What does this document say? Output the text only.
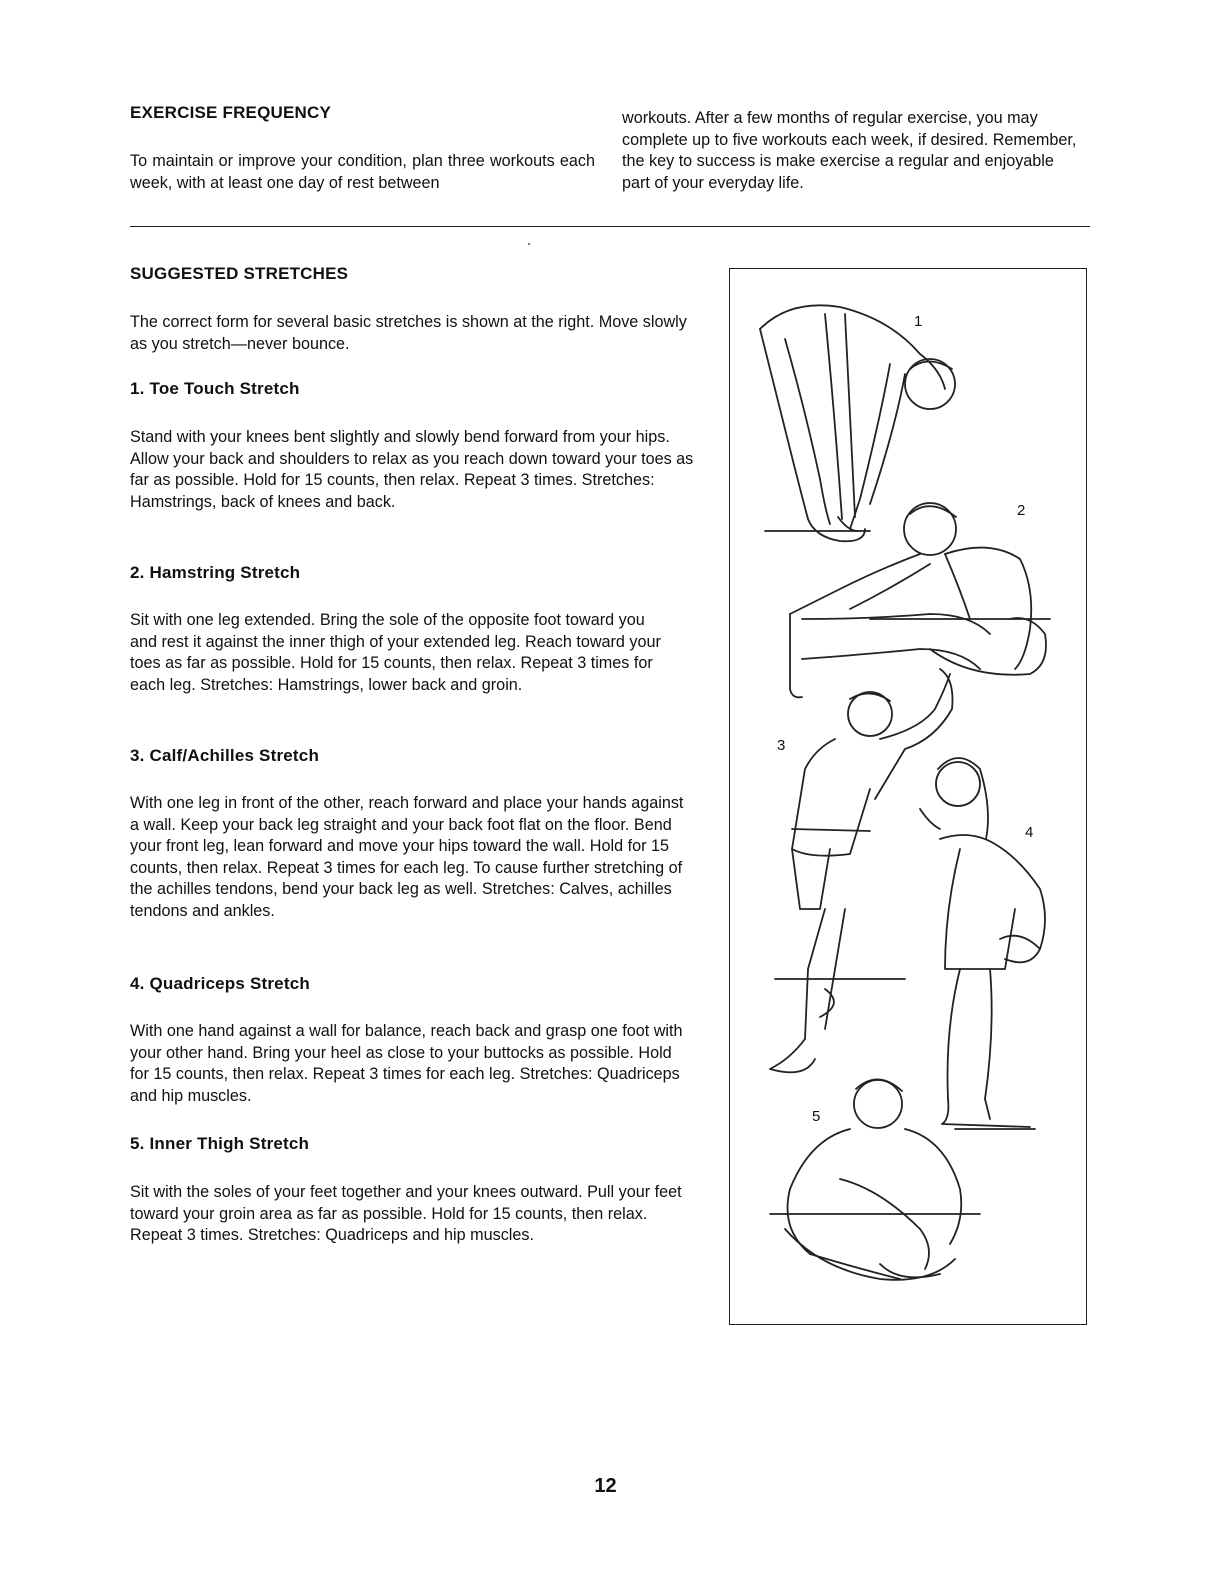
EXERCISE FREQUENCY

To maintain or improve your condition, plan three workouts each week, with at least one day of rest between

workouts. After a few months of regular exercise, you may complete up to five workouts each week, if desired. Remember, the key to success is make exercise a regular and enjoyable part of your everyday life.

SUGGESTED STRETCHES

The correct form for several basic stretches is shown at the right. Move slowly as you stretch—never bounce.

1. Toe Touch Stretch

Stand with your knees bent slightly and slowly bend forward from your hips. Allow your back and shoulders to relax as you reach down toward your toes as far as possible. Hold for 15 counts, then relax. Repeat 3 times. Stretches: Hamstrings, back of knees and back.

2. Hamstring Stretch

Sit with one leg extended. Bring the sole of the opposite foot toward you and rest it against the inner thigh of your extended leg. Reach toward your toes as far as possible. Hold for 15 counts, then relax. Repeat 3 times for each leg. Stretches: Hamstrings, lower back and groin.

3. Calf/Achilles Stretch

With one leg in front of the other, reach forward and place your hands against a wall. Keep your back leg straight and your back foot flat on the floor. Bend your front leg, lean forward and move your hips toward the wall. Hold for 15 counts, then relax. Repeat 3 times for each leg. To cause further stretching of the achilles tendons, bend your back leg as well. Stretches: Calves, achilles tendons and ankles.

4. Quadriceps Stretch

With one hand against a wall for balance, reach back and grasp one foot with your other hand. Bring your heel as close to your buttocks as possible. Hold for 15 counts, then relax. Repeat 3 times for each leg. Stretches: Quadriceps and hip muscles.

5. Inner Thigh Stretch

Sit with the soles of your feet together and your knees outward. Pull your feet toward your groin area as far as possible. Hold for 15 counts, then relax. Repeat 3 times. Stretches: Quadriceps and hip muscles.

1
2
3
4
5
12
